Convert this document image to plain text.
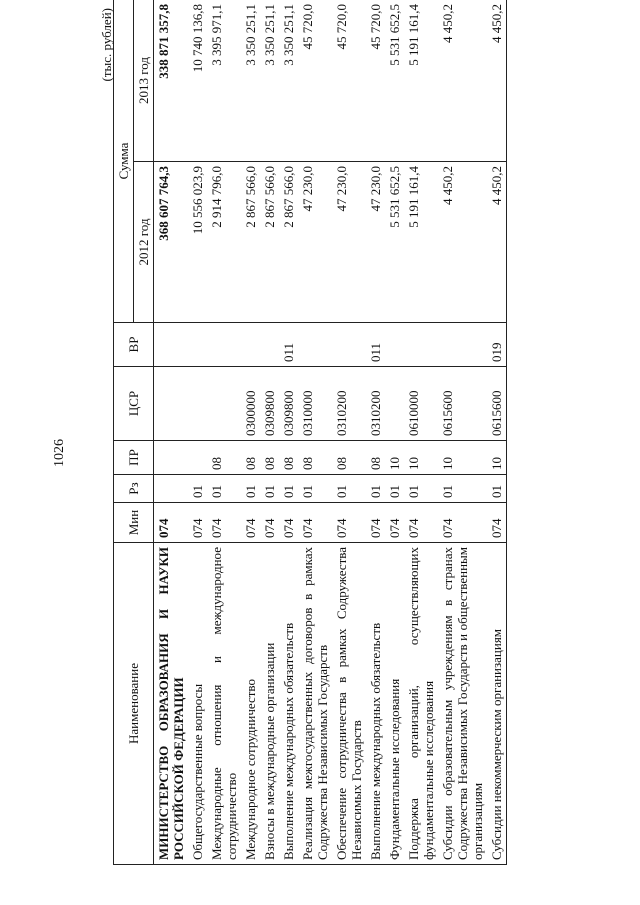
1026
(тыс. рублей)
Наименование	Мин	Рз	ПР	ЦСР	ВР	Сумма	
						2012 год	2013 год
МИНИСТЕРСТВО ОБРАЗОВАНИЯ И НАУКИ РОССИЙСКОЙ ФЕДЕРАЦИИ	074					368 607 764,3	338 871 357,8
Общегосударственные вопросы	074	01				10 556 023,9	10 740 136,8
Международные отношения и международное сотрудничество	074	01	08			2 914 796,0	3 395 971,1
Международное сотрудничество	074	01	08	0300000		2 867 566,0	3 350 251,1
Взносы в международные организации	074	01	08	0309800		2 867 566,0	3 350 251,1
Выполнение международных обязательств	074	01	08	0309800	011	2 867 566,0	3 350 251,1
Реализация межгосударственных договоров в рамках Содружества Независимых Государств	074	01	08	0310000		47 230,0	45 720,0
Обеспечение сотрудничества в рамках Содружества Независимых Государств	074	01	08	0310200		47 230,0	45 720,0
Выполнение международных обязательств	074	01	08	0310200	011	47 230,0	45 720,0
Фундаментальные исследования	074	01	10			5 531 652,5	5 531 652,5
Поддержка организаций, осуществляющих фундаментальные исследования	074	01	10	0610000		5 191 161,4	5 191 161,4
Субсидии образовательным учреждениям в странах Содружества Независимых Государств и общественным организациям	074	01	10	0615600		4 450,2	4 450,2
Субсидии некоммерческим организациям	074	01	10	0615600	019	4 450,2	4 450,2
